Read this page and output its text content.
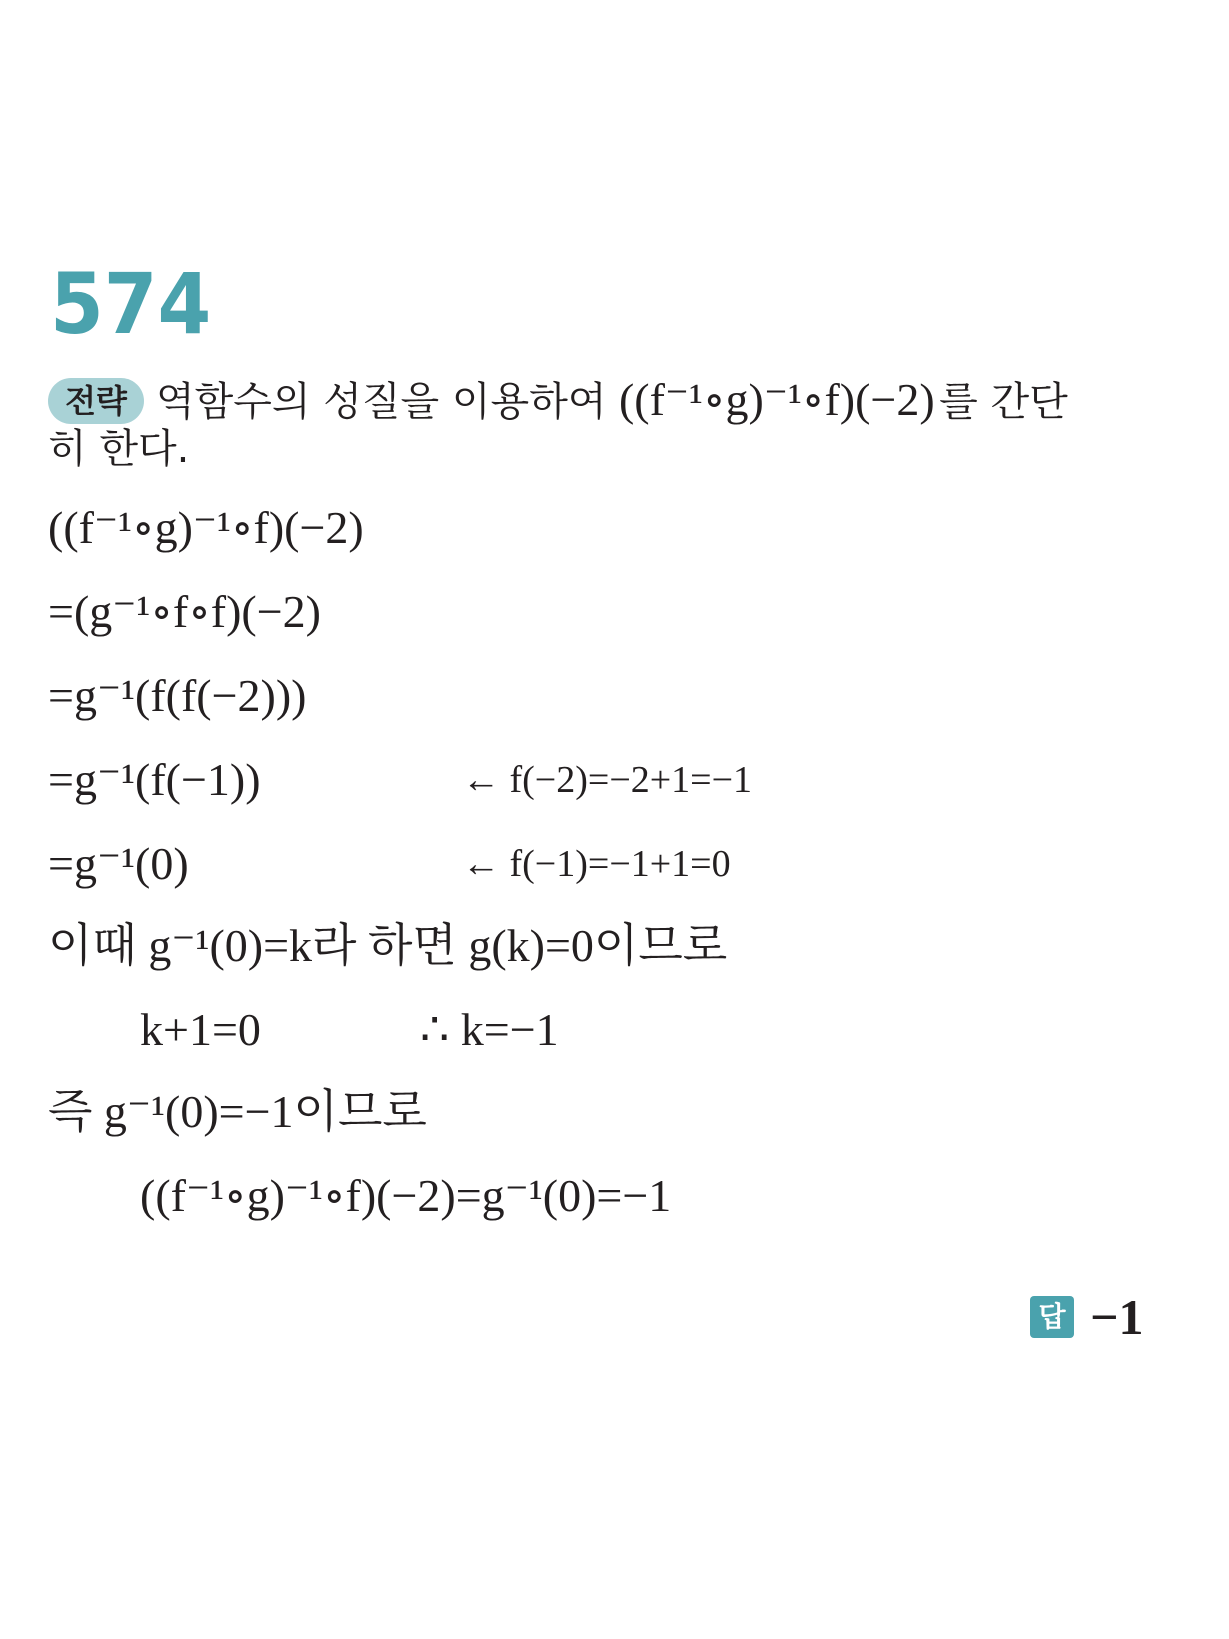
574
전략 역함수의 성질을 이용하여 ((f⁻¹∘g)⁻¹∘f)(−2) 를 간단
히 한다.
((f⁻¹∘g)⁻¹∘f)(−2)
=(g⁻¹∘f∘f)(−2)
=g⁻¹(f(f(−2)))
=g⁻¹(f(−1))	← f(−2)=−2+1=−1
=g⁻¹(0)	← f(−1)=−1+1=0
이때 g⁻¹(0)=k라 하면 g(k)=0이므로
k+1=0	∴ k=−1
즉 g⁻¹(0)=−1이므로
((f⁻¹∘g)⁻¹∘f)(−2)=g⁻¹(0)=−1
답 −1
